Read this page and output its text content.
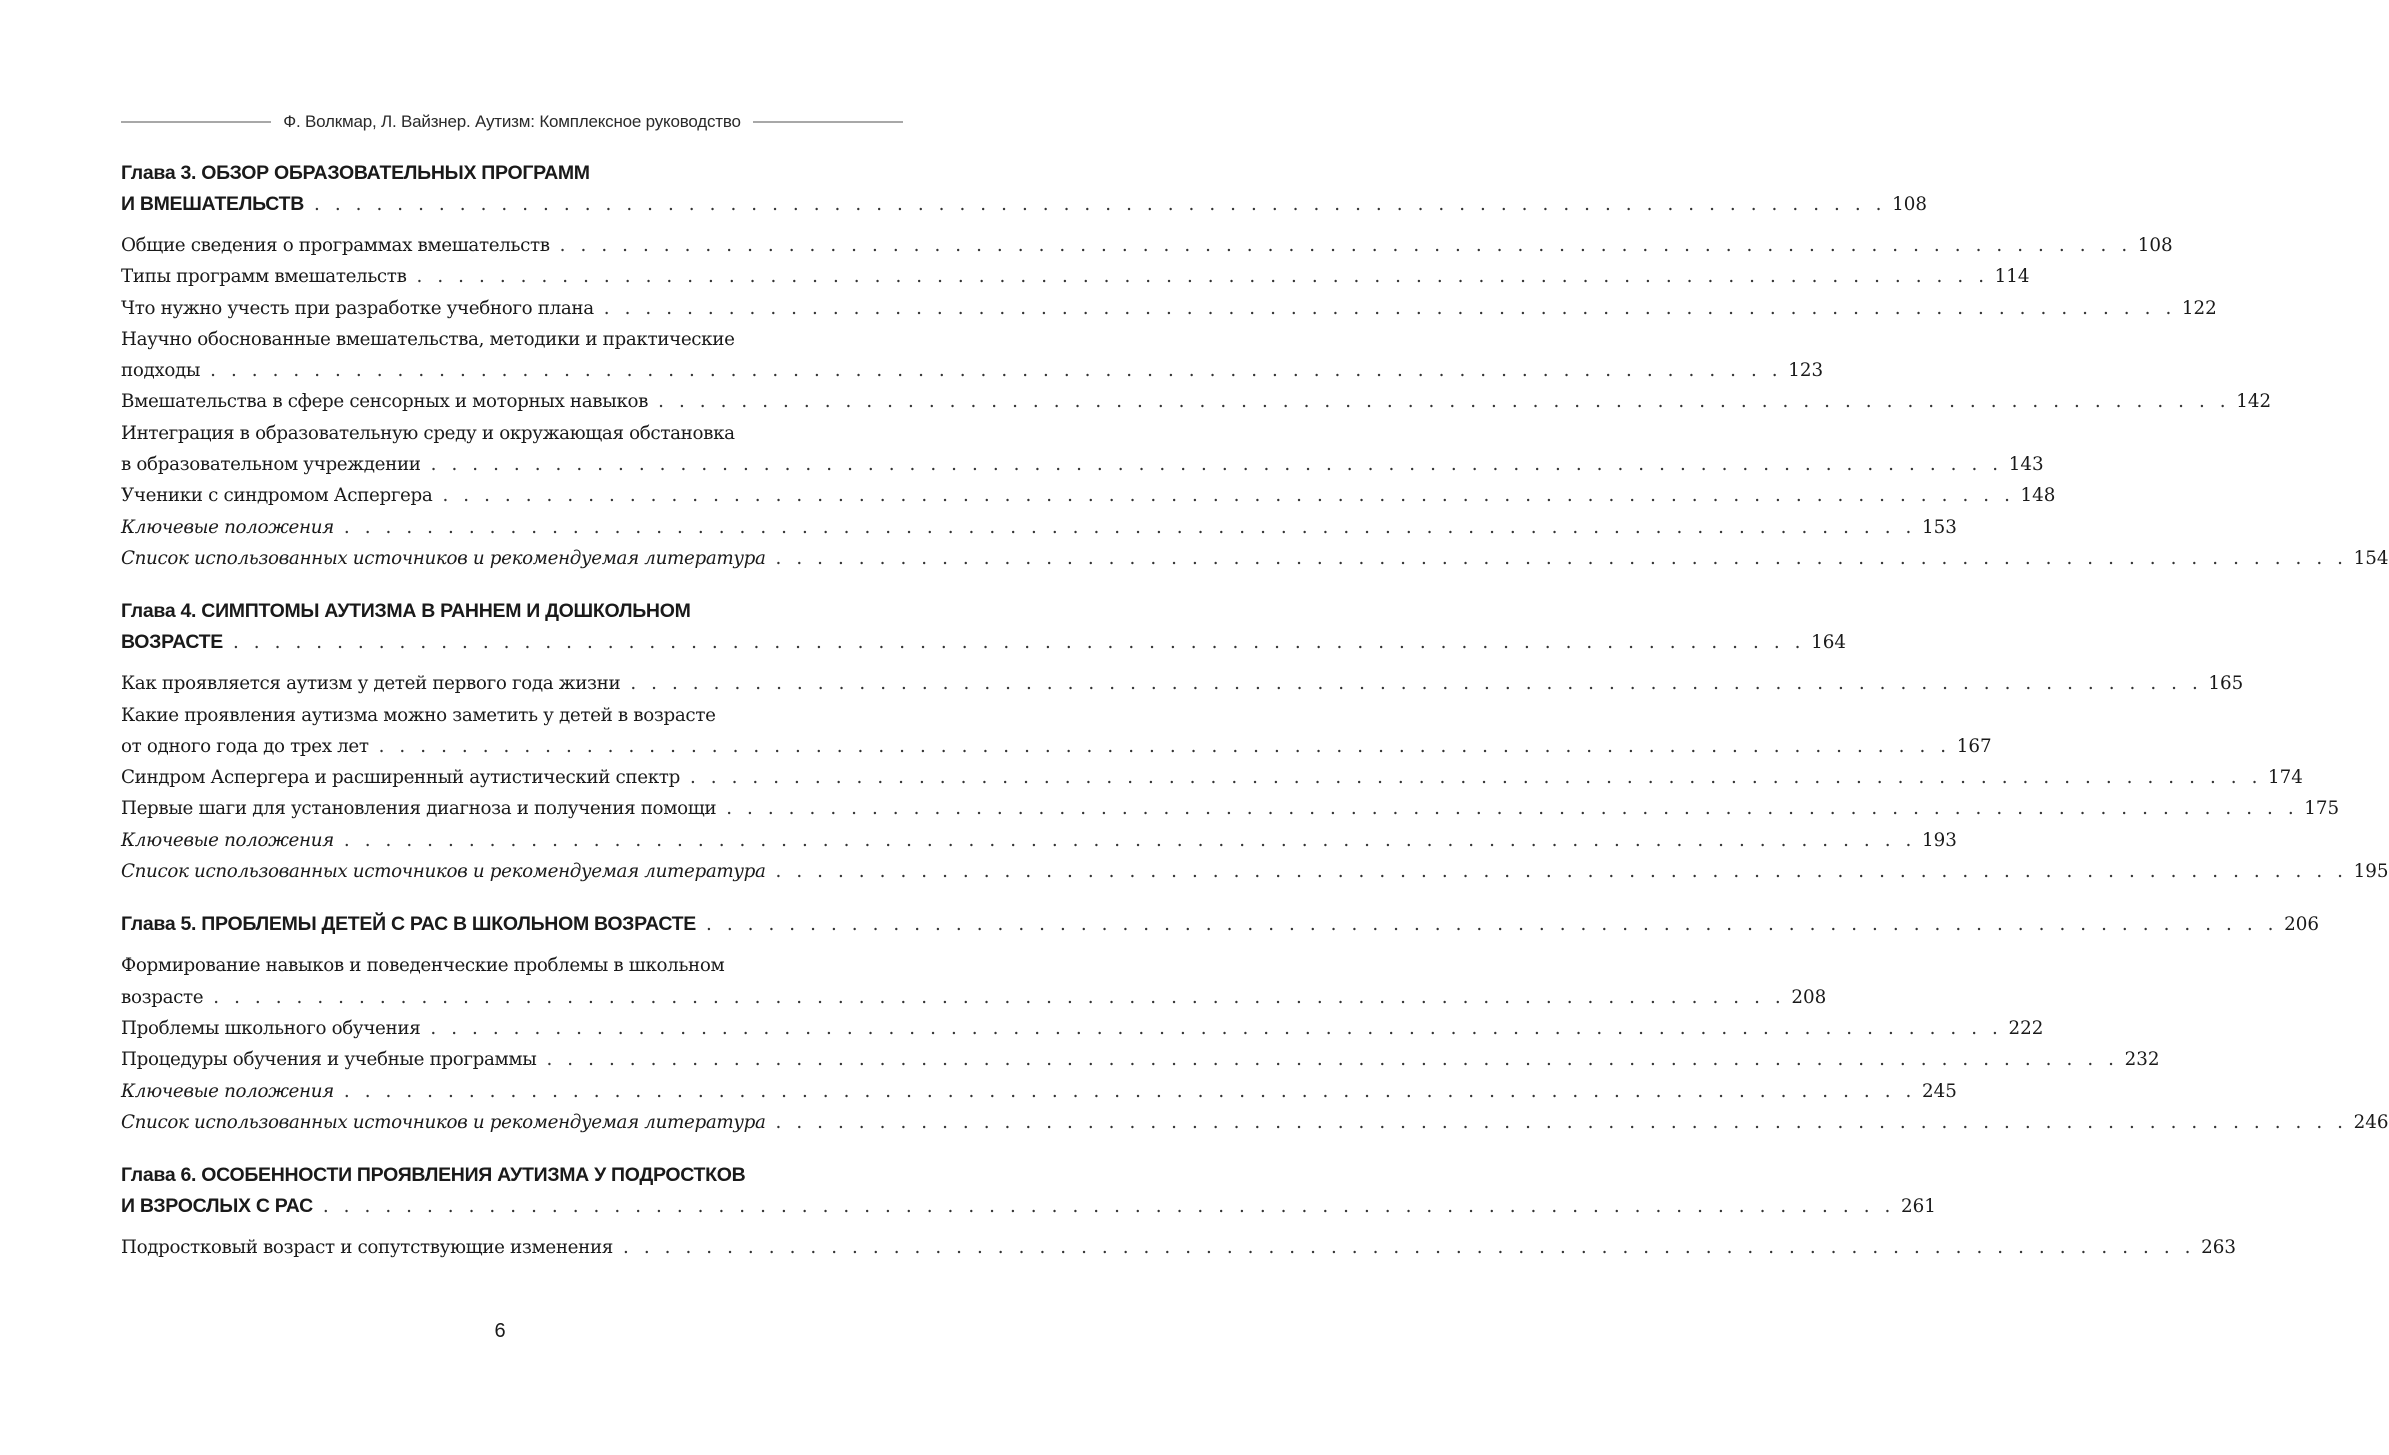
Ф. Волкмар, Л. Вайзнер. Аутизм: Комплексное руководство
Глава 3. ОБЗОР ОБРАЗОВАТЕЛЬНЫХ ПРОГРАММ
И ВМЕШАТЕЛЬСТВ . . . . . . . . . . . . . . . . . . . . . . . . . . . . . . . . . . . . . . . . . . . . . . . . . . . . . . . . . . . . . . . . . . . . . . . . . . . . 108
Общие сведения о программах вмешательств . . . . . . . . . . . . . . . . . . . . . . . . . . . . . . . . . . . . . . . . . . . . . . . . . . . . . . . . . . . . . . . . . . . . . . . . . . . . 108
Типы программ вмешательств . . . . . . . . . . . . . . . . . . . . . . . . . . . . . . . . . . . . . . . . . . . . . . . . . . . . . . . . . . . . . . . . . . . . . . . . . . . . 114
Что нужно учесть при разработке учебного плана . . . . . . . . . . . . . . . . . . . . . . . . . . . . . . . . . . . . . . . . . . . . . . . . . . . . . . . . . . . . . . . . . . . . . . . . . . . . 122
Научно обоснованные вмешательства, методики и практические
подходы . . . . . . . . . . . . . . . . . . . . . . . . . . . . . . . . . . . . . . . . . . . . . . . . . . . . . . . . . . . . . . . . . . . . . . . . . . . . 123
Вмешательства в сфере сенсорных и моторных навыков . . . . . . . . . . . . . . . . . . . . . . . . . . . . . . . . . . . . . . . . . . . . . . . . . . . . . . . . . . . . . . . . . . . . . . . . . . . . 142
Интеграция в образовательную среду и окружающая обстановка
в образовательном учреждении . . . . . . . . . . . . . . . . . . . . . . . . . . . . . . . . . . . . . . . . . . . . . . . . . . . . . . . . . . . . . . . . . . . . . . . . . . . . 143
Ученики с синдромом Аспергера . . . . . . . . . . . . . . . . . . . . . . . . . . . . . . . . . . . . . . . . . . . . . . . . . . . . . . . . . . . . . . . . . . . . . . . . . . . . 148
Ключевые положения . . . . . . . . . . . . . . . . . . . . . . . . . . . . . . . . . . . . . . . . . . . . . . . . . . . . . . . . . . . . . . . . . . . . . . . . . . . . 153
Список использованных источников и рекомендуемая литература . . . . . . . . . . . . . . . . . . . . . . . . . . . . . . . . . . . . . . . . . . . . . . . . . . . . . . . . . . . . . . . . . . . . . . . . . . . . 154
Глава 4. СИМПТОМЫ АУТИЗМА В РАННЕМ И ДОШКОЛЬНОМ
ВОЗРАСТЕ . . . . . . . . . . . . . . . . . . . . . . . . . . . . . . . . . . . . . . . . . . . . . . . . . . . . . . . . . . . . . . . . . . . . . . . . . . . . 164
Как проявляется аутизм у детей первого года жизни . . . . . . . . . . . . . . . . . . . . . . . . . . . . . . . . . . . . . . . . . . . . . . . . . . . . . . . . . . . . . . . . . . . . . . . . . . . . 165
Какие проявления аутизма можно заметить у детей в возрасте
от одного года до трех лет . . . . . . . . . . . . . . . . . . . . . . . . . . . . . . . . . . . . . . . . . . . . . . . . . . . . . . . . . . . . . . . . . . . . . . . . . . . . 167
Синдром Аспергера и расширенный аутистический спектр . . . . . . . . . . . . . . . . . . . . . . . . . . . . . . . . . . . . . . . . . . . . . . . . . . . . . . . . . . . . . . . . . . . . . . . . . . . . 174
Первые шаги для установления диагноза и получения помощи . . . . . . . . . . . . . . . . . . . . . . . . . . . . . . . . . . . . . . . . . . . . . . . . . . . . . . . . . . . . . . . . . . . . . . . . . . . . 175
Ключевые положения . . . . . . . . . . . . . . . . . . . . . . . . . . . . . . . . . . . . . . . . . . . . . . . . . . . . . . . . . . . . . . . . . . . . . . . . . . . . 193
Список использованных источников и рекомендуемая литература . . . . . . . . . . . . . . . . . . . . . . . . . . . . . . . . . . . . . . . . . . . . . . . . . . . . . . . . . . . . . . . . . . . . . . . . . . . . 195
Глава 5. ПРОБЛЕМЫ ДЕТЕЙ С РАС В ШКОЛЬНОМ ВОЗРАСТЕ . . . . . . . . . . . . . . . . . . . . . . . . . . . . . . . . . . . . . . . . . . . . . . . . . . . . . . . . . . . . . . . . . . . . . . . . . . . . 206
Формирование навыков и поведенческие проблемы в школьном
возрасте . . . . . . . . . . . . . . . . . . . . . . . . . . . . . . . . . . . . . . . . . . . . . . . . . . . . . . . . . . . . . . . . . . . . . . . . . . . . 208
Проблемы школьного обучения . . . . . . . . . . . . . . . . . . . . . . . . . . . . . . . . . . . . . . . . . . . . . . . . . . . . . . . . . . . . . . . . . . . . . . . . . . . . 222
Процедуры обучения и учебные программы . . . . . . . . . . . . . . . . . . . . . . . . . . . . . . . . . . . . . . . . . . . . . . . . . . . . . . . . . . . . . . . . . . . . . . . . . . . . 232
Ключевые положения . . . . . . . . . . . . . . . . . . . . . . . . . . . . . . . . . . . . . . . . . . . . . . . . . . . . . . . . . . . . . . . . . . . . . . . . . . . . 245
Список использованных источников и рекомендуемая литература . . . . . . . . . . . . . . . . . . . . . . . . . . . . . . . . . . . . . . . . . . . . . . . . . . . . . . . . . . . . . . . . . . . . . . . . . . . . 246
Глава 6. ОСОБЕННОСТИ ПРОЯВЛЕНИЯ АУТИЗМА У ПОДРОСТКОВ
И ВЗРОСЛЫХ С РАС . . . . . . . . . . . . . . . . . . . . . . . . . . . . . . . . . . . . . . . . . . . . . . . . . . . . . . . . . . . . . . . . . . . . . . . . . . . . 261
Подростковый возраст и сопутствующие изменения . . . . . . . . . . . . . . . . . . . . . . . . . . . . . . . . . . . . . . . . . . . . . . . . . . . . . . . . . . . . . . . . . . . . . . . . . . . . 263
6
